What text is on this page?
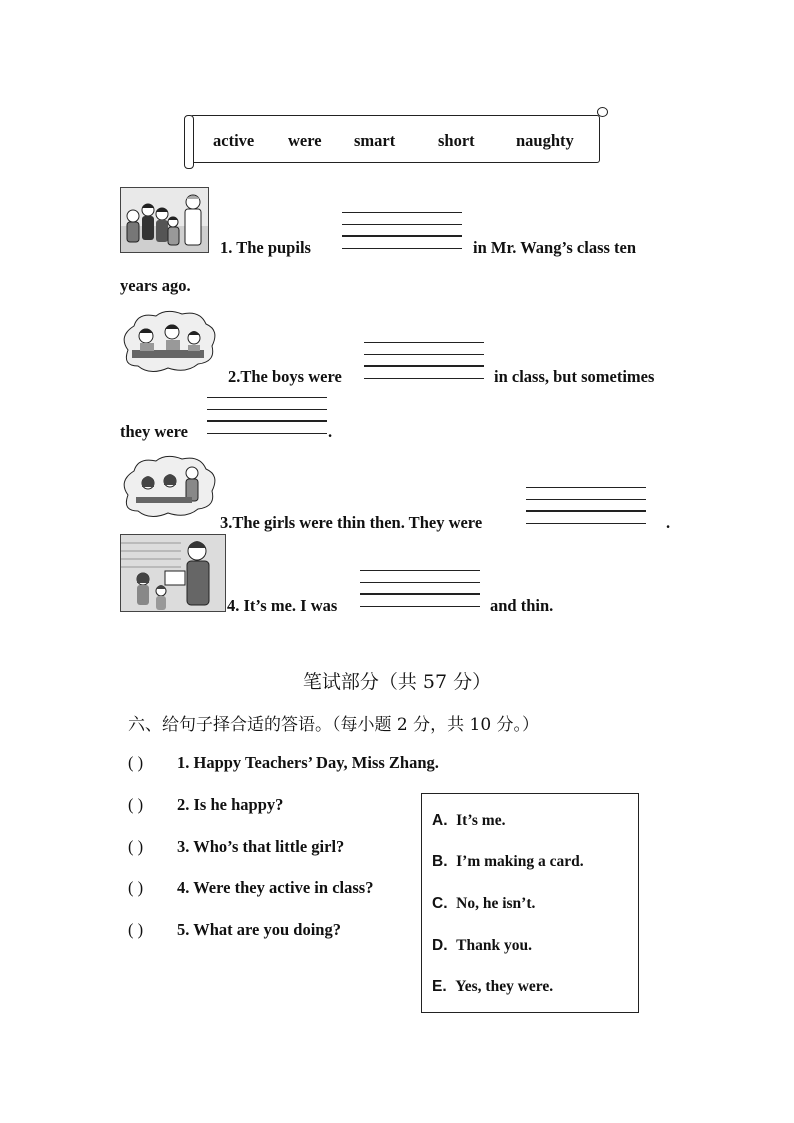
active were smart	short	naughty
1. The pupils	in Mr. Wang’s class ten
years ago.
2.The boys were	in class, but sometimes
they were	.
3.The girls were thin then. They were	.
4. It’s me. I was	and thin.
笔试部分（共 57 分）
六、给句子择合适的答语。（每小题 2 分，共 10 分。）
( ) 1. Happy Teachers’ Day, Miss Zhang.
( ) 2. Is he happy?
( ) 3. Who’s that little girl?
( ) 4. Were they active in class?
( ) 5. What are you doing?
A. It’s me.
B. I’m making a card.
C. No, he isn’t.
D. Thank you.
E. Yes, they were.
